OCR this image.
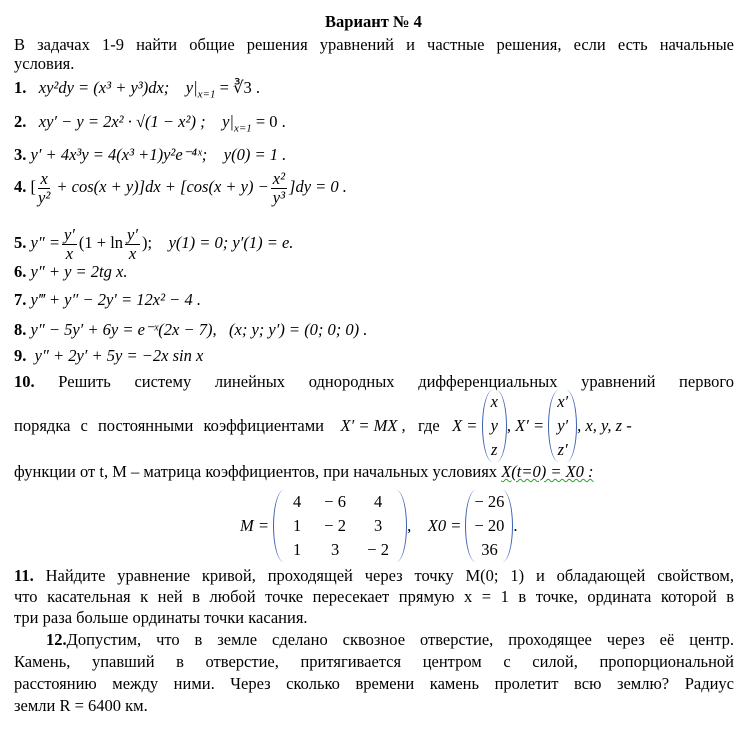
Вариант № 4
В задачах 1-9 найти общие решения уравнений и частные решения, если есть начальные
условия.
1. xy²dy = (x³ + y³)dx; $y|_{x=1}$ = ∛3 .
2. xy′ − y = 2x² · √(1 − x²) ; $y|_{x=1} = 0$ .
3. y′ + 4x³y = 4(x³ +1)y²e⁻⁴ˣ; y(0) = 1 .
4. [ $\frac{x}{\text{y²}} + \cos(x + y)]dx + [\cos(x + y) - \frac{\text{x²}}{\text{y³}} ]dy = 0$ .
5. $y'' = \frac{y'}{x} (1 + \ln \frac{y'}{x}$ ); y(1) = 0; y′(1) = e.
6. y″ + y = 2tg x.
7. y‴ + y″ − 2y′ = 12x² − 4 .
8. y″ − 5y′ + 6y = e⁻ˣ(2x − 7), (x; y; y′) = (0; 0; 0) .
9. y″ + 2y′ + 5y = −2x sin x
10. Решить систему линейных однородных дифференциальных уравнений первого
порядка с постоянными коэффициентами
X′ = MX ,
где
X =

x
y
z
, X′ =

x′
y′
z′
, x, y, z -
функции от t, M – матрица коэффициентов, при начальных условиях X(t=0) = X0 :
M =

4	− 6	4
1	− 2	3
1	3	− 2
, X0 =

− 26
− 20
36
.
11. Найдите уравнение кривой, проходящей через точку М(0; 1) и обладающей свойством,
что касательная к ней в любой точке пересекает прямую x = 1 в точке, ордината которой в
три раза больше ординаты точки касания.
12.Допустим, что в земле сделано сквозное отверстие, проходящее через её центр.
Камень, упавший в отверстие, притягивается центром с силой, пропорциональной
расстоянию между ними. Через сколько времени камень пролетит всю землю? Радиус
земли R = 6400 км.
